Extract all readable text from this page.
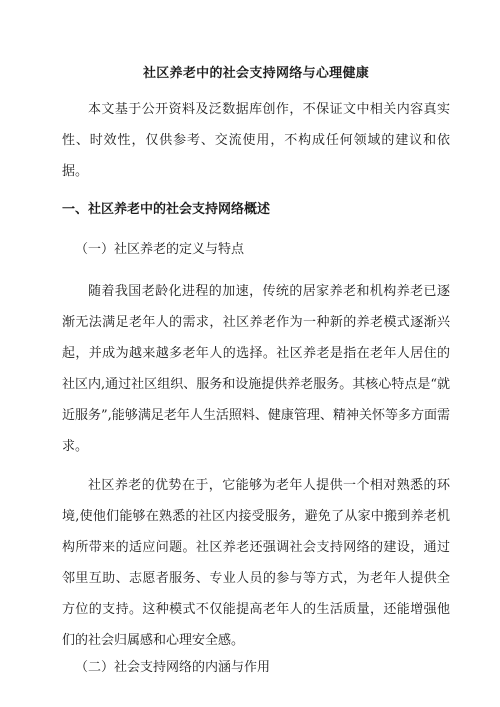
社区养老中的社会支持网络与心理健康

本文基于公开资料及泛数据库创作，不保证文中相关内容真实性、时效性，仅供参考、交流使用，不构成任何领域的建议和依据。

一、社区养老中的社会支持网络概述
（一）社区养老的定义与特点

随着我国老龄化进程的加速，传统的居家养老和机构养老已逐渐无法满足老年人的需求，社区养老作为一种新的养老模式逐渐兴起，并成为越来越多老年人的选择。社区养老是指在老年人居住的社区内,通过社区组织、服务和设施提供养老服务。其核心特点是“就近服务”,能够满足老年人生活照料、健康管理、精神关怀等多方面需求。

社区养老的优势在于，它能够为老年人提供一个相对熟悉的环境,使他们能够在熟悉的社区内接受服务，避免了从家中搬到养老机构所带来的适应问题。社区养老还强调社会支持网络的建设，通过邻里互助、志愿者服务、专业人员的参与等方式，为老年人提供全方位的支持。这种模式不仅能提高老年人的生活质量，还能增强他们的社会归属感和心理安全感。

（二）社会支持网络的内涵与作用
